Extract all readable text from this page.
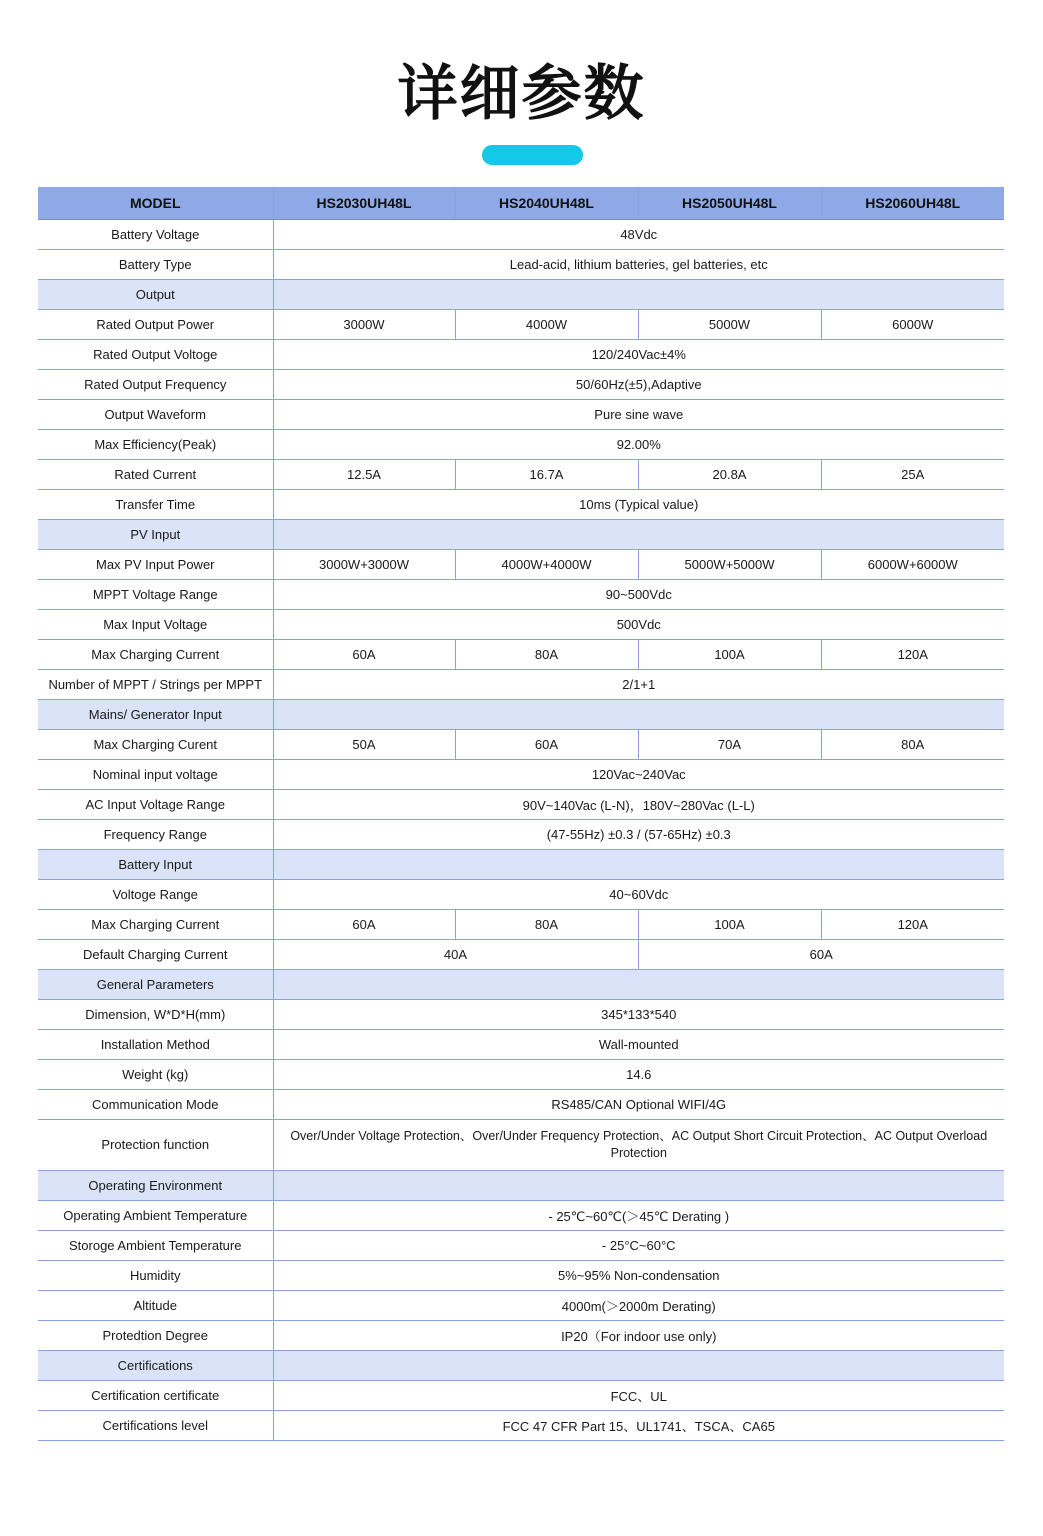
详细参数
MODEL	HS2030UH48L	HS2040UH48L	HS2050UH48L	HS2060UH48L
Battery Voltage	48Vdc			
Battery Type	Lead-acid, lithium batteries, gel batteries, etc			
Output				
Rated Output Power	3000W	4000W	5000W	6000W
Rated Output Voltoge	120/240Vac±4%			
Rated Output Frequency	50/60Hz(±5),Adaptive			
Output Waveform	Pure sine wave			
Max Efficiency(Peak)	92.00%			
Rated Current	12.5A	16.7A	20.8A	25A
Transfer Time	10ms (Typical value)			
PV Input				
Max PV Input Power	3000W+3000W	4000W+4000W	5000W+5000W	6000W+6000W
MPPT Voltage Range	90~500Vdc			
Max Input Voltage	500Vdc			
Max Charging Current	60A	80A	100A	120A
Number of MPPT / Strings per MPPT	2/1+1			
Mains/ Generator Input				
Max Charging Curent	50A	60A	70A	80A
Nominal input voltage	120Vac~240Vac			
AC Input Voltage Range	90V~140Vac (L-N)，180V~280Vac (L-L)			
Frequency Range	(47-55Hz) ±0.3 / (57-65Hz) ±0.3			
Battery Input				
Voltoge Range	40~60Vdc			
Max Charging Current	60A	80A	100A	120A
Default Charging Current	40A		60A	
General Parameters				
Dimension, W*D*H(mm)	345*133*540			
Installation Method	Wall-mounted			
Weight (kg)	14.6			
Communication Mode	RS485/CAN Optional WIFI/4G			
Protection function	Over/Under Voltage Protection、Over/Under Frequency Protection、AC Output Short Circuit Protection、AC Output Overload Protection			
Operating Environment				
Operating Ambient Temperature	- 25℃~60℃(＞45℃ Derating )			
Storoge Ambient Temperature	- 25°C~60°C			
Humidity	5%~95% Non-condensation			
Altitude	4000m(＞2000m Derating)			
Protedtion Degree	IP20（For indoor use only)			
Certifications				
Certification certificate	FCC、UL			
Certifications level	FCC 47 CFR Part 15、UL1741、TSCA、CA65			
